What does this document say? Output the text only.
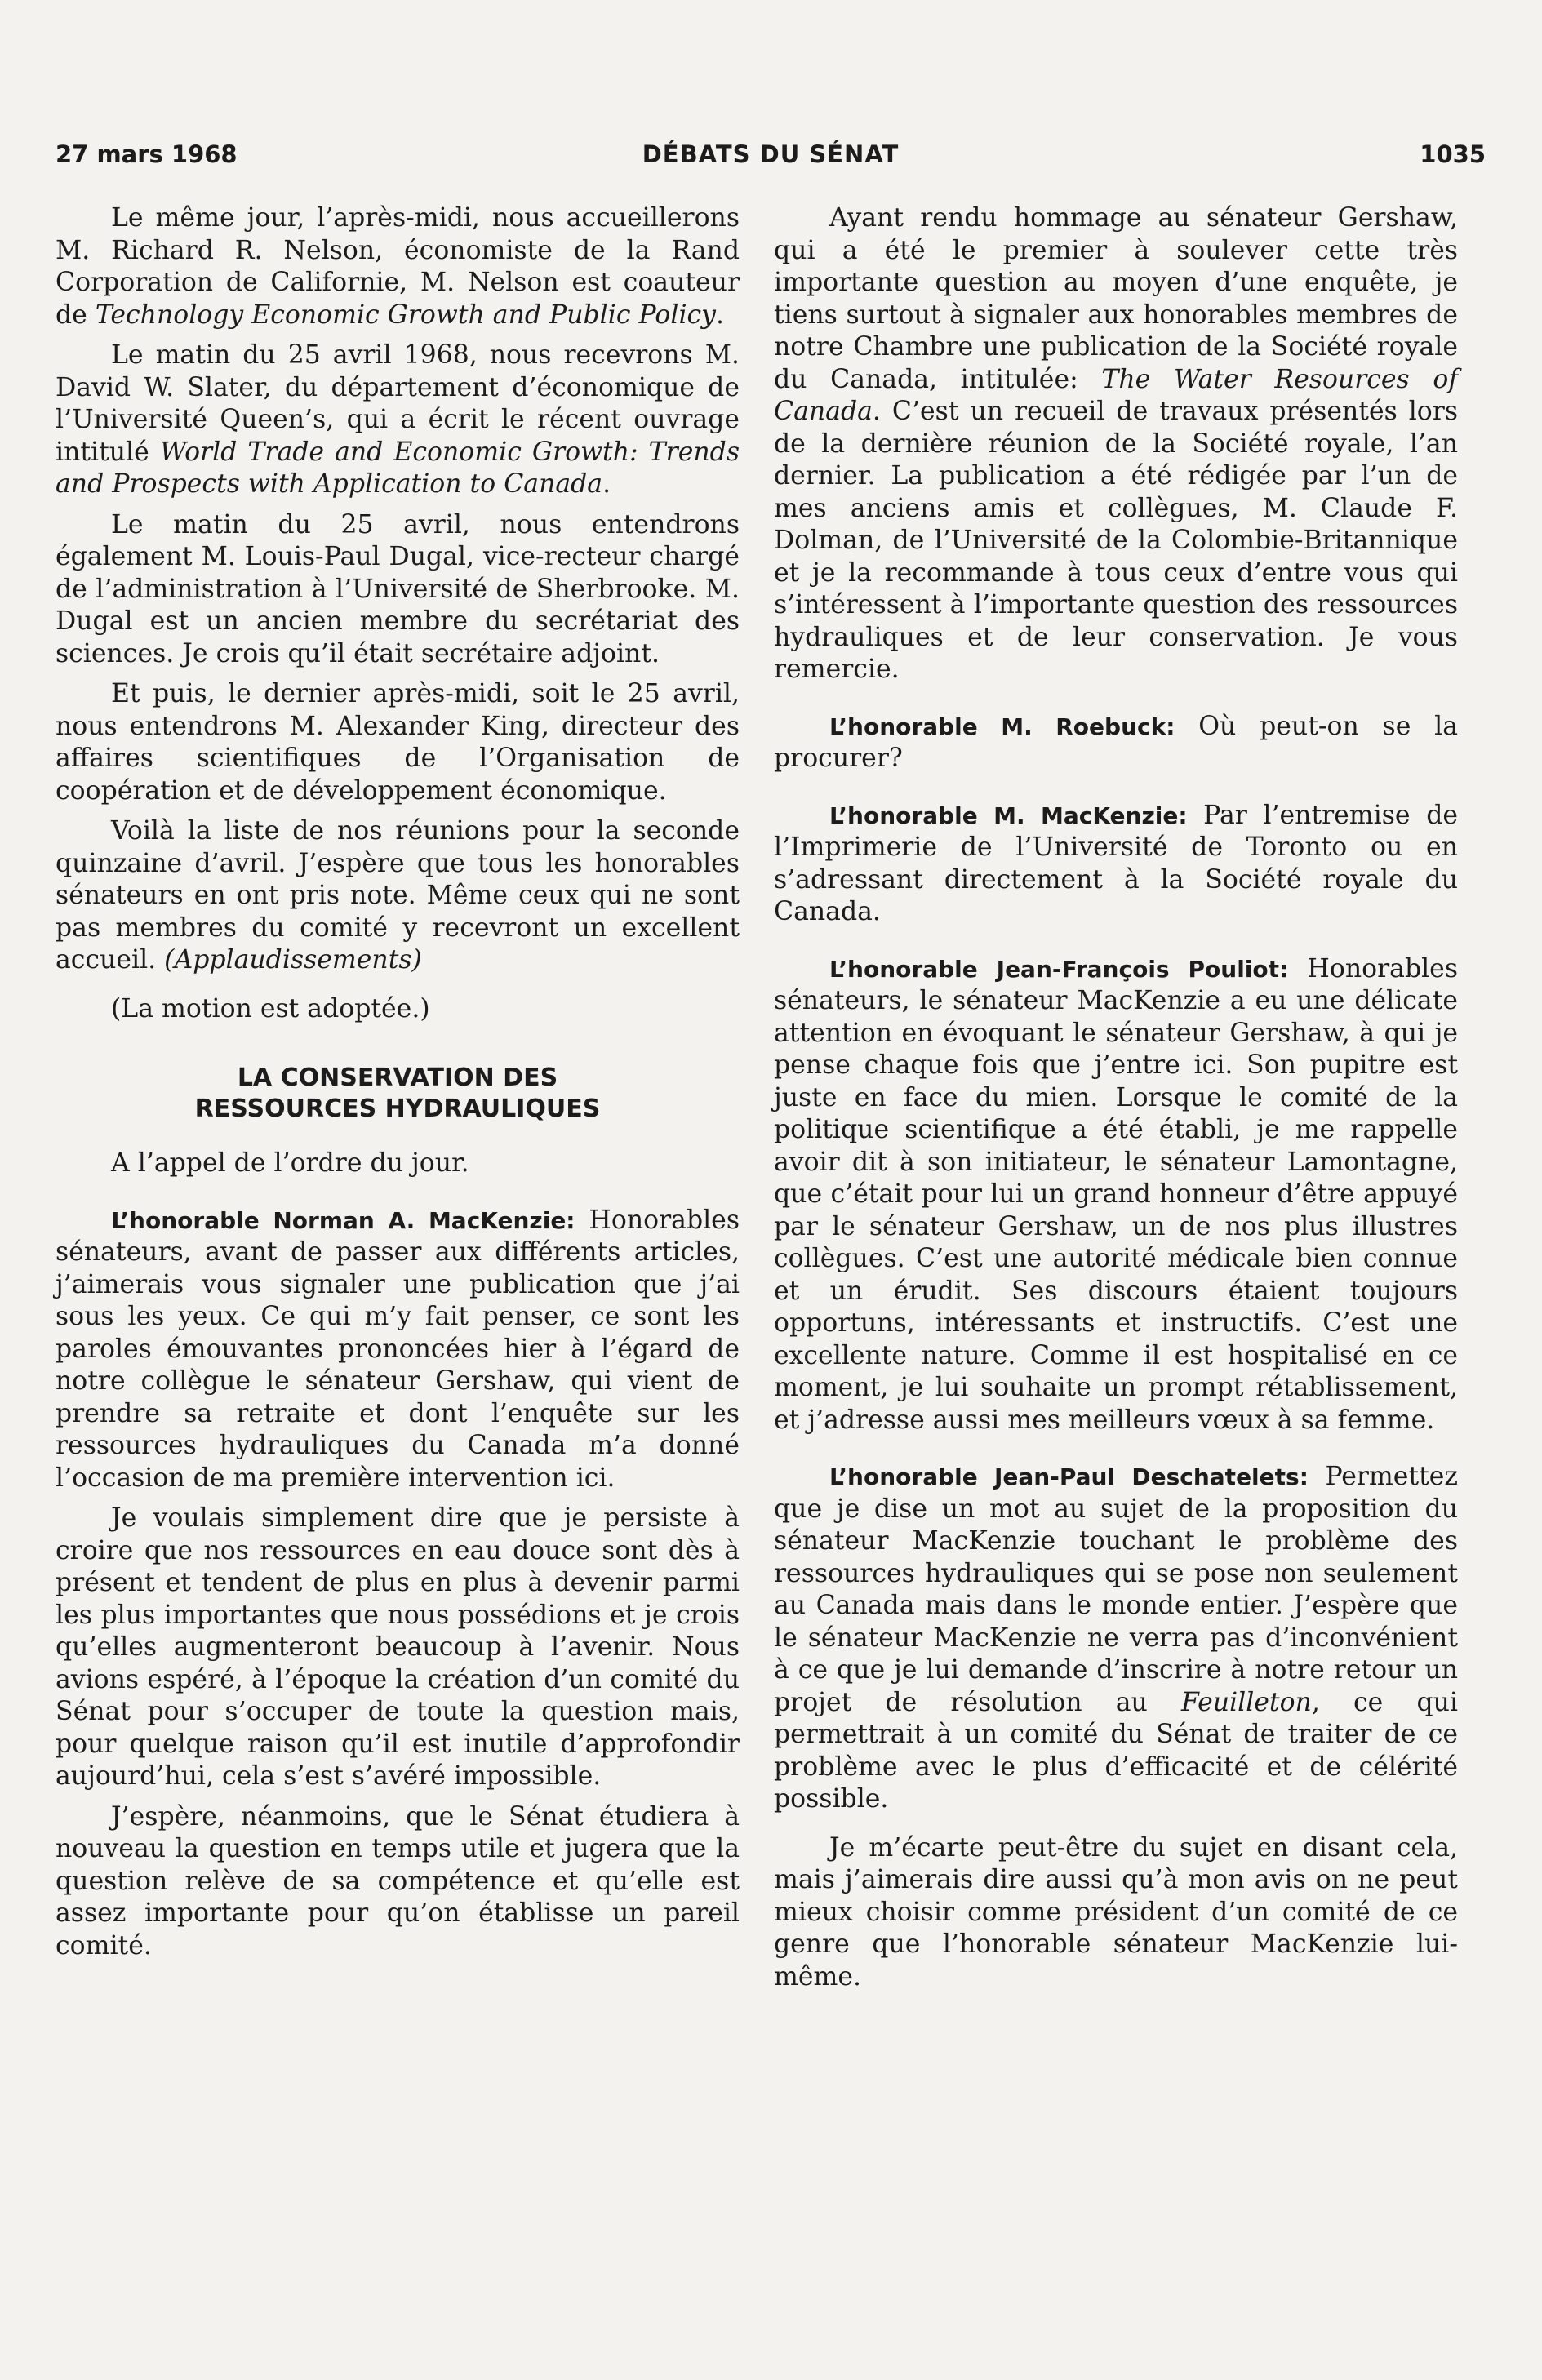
27 mars 1968	DÉBATS DU SÉNAT	1035

Le même jour, l’après-midi, nous accueillerons M. Richard R. Nelson, économiste de la Rand Corporation de Californie, M. Nelson est coauteur de Technology Economic Growth and Public Policy.

Le matin du 25 avril 1968, nous recevrons M. David W. Slater, du département d’économique de l’Université Queen’s, qui a écrit le récent ouvrage intitulé World Trade and Economic Growth: Trends and Prospects with Application to Canada.

Le matin du 25 avril, nous entendrons également M. Louis-Paul Dugal, vice-recteur chargé de l’administration à l’Université de Sherbrooke. M. Dugal est un ancien membre du secrétariat des sciences. Je crois qu’il était secrétaire adjoint.

Et puis, le dernier après-midi, soit le 25 avril, nous entendrons M. Alexander King, directeur des affaires scientifiques de l’Organisation de coopération et de développement économique.

Voilà la liste de nos réunions pour la seconde quinzaine d’avril. J’espère que tous les honorables sénateurs en ont pris note. Même ceux qui ne sont pas membres du comité y recevront un excellent accueil. (Applaudissements)

(La motion est adoptée.)

LA CONSERVATION DES
RESSOURCES HYDRAULIQUES

A l’appel de l’ordre du jour.

L’honorable Norman A. MacKenzie: Honorables sénateurs, avant de passer aux différents articles, j’aimerais vous signaler une publication que j’ai sous les yeux. Ce qui m’y fait penser, ce sont les paroles émouvantes prononcées hier à l’égard de notre collègue le sénateur Gershaw, qui vient de prendre sa retraite et dont l’enquête sur les ressources hydrauliques du Canada m’a donné l’occasion de ma première intervention ici.

Je voulais simplement dire que je persiste à croire que nos ressources en eau douce sont dès à présent et tendent de plus en plus à devenir parmi les plus importantes que nous possédions et je crois qu’elles augmenteront beaucoup à l’avenir. Nous avions espéré, à l’époque la création d’un comité du Sénat pour s’occuper de toute la question mais, pour quelque raison qu’il est inutile d’approfondir aujourd’hui, cela s’est s’avéré impossible.

J’espère, néanmoins, que le Sénat étudiera à nouveau la question en temps utile et jugera que la question relève de sa compétence et qu’elle est assez importante pour qu’on établisse un pareil comité.

Ayant rendu hommage au sénateur Gershaw, qui a été le premier à soulever cette très importante question au moyen d’une enquête, je tiens surtout à signaler aux honorables membres de notre Chambre une publication de la Société royale du Canada, intitulée: The Water Resources of Canada. C’est un recueil de travaux présentés lors de la dernière réunion de la Société royale, l’an dernier. La publication a été rédigée par l’un de mes anciens amis et collègues, M. Claude F. Dolman, de l’Université de la Colombie-Britannique et je la recommande à tous ceux d’entre vous qui s’intéressent à l’importante question des ressources hydrauliques et de leur conservation. Je vous remercie.

L’honorable M. Roebuck: Où peut-on se la procurer?

L’honorable M. MacKenzie: Par l’entremise de l’Imprimerie de l’Université de Toronto ou en s’adressant directement à la Société royale du Canada.

L’honorable Jean-François Pouliot: Honorables sénateurs, le sénateur MacKenzie a eu une délicate attention en évoquant le sénateur Gershaw, à qui je pense chaque fois que j’entre ici. Son pupitre est juste en face du mien. Lorsque le comité de la politique scientifique a été établi, je me rappelle avoir dit à son initiateur, le sénateur Lamontagne, que c’était pour lui un grand honneur d’être appuyé par le sénateur Gershaw, un de nos plus illustres collègues. C’est une autorité médicale bien connue et un érudit. Ses discours étaient toujours opportuns, intéressants et instructifs. C’est une excellente nature. Comme il est hospitalisé en ce moment, je lui souhaite un prompt rétablissement, et j’adresse aussi mes meilleurs vœux à sa femme.

L’honorable Jean-Paul Deschatelets: Permettez que je dise un mot au sujet de la proposition du sénateur MacKenzie touchant le problème des ressources hydrauliques qui se pose non seulement au Canada mais dans le monde entier. J’espère que le sénateur MacKenzie ne verra pas d’inconvénient à ce que je lui demande d’inscrire à notre retour un projet de résolution au Feuilleton, ce qui permettrait à un comité du Sénat de traiter de ce problème avec le plus d’efficacité et de célérité possible.

Je m’écarte peut-être du sujet en disant cela, mais j’aimerais dire aussi qu’à mon avis on ne peut mieux choisir comme président d’un comité de ce genre que l’honorable sénateur MacKenzie lui-même.
